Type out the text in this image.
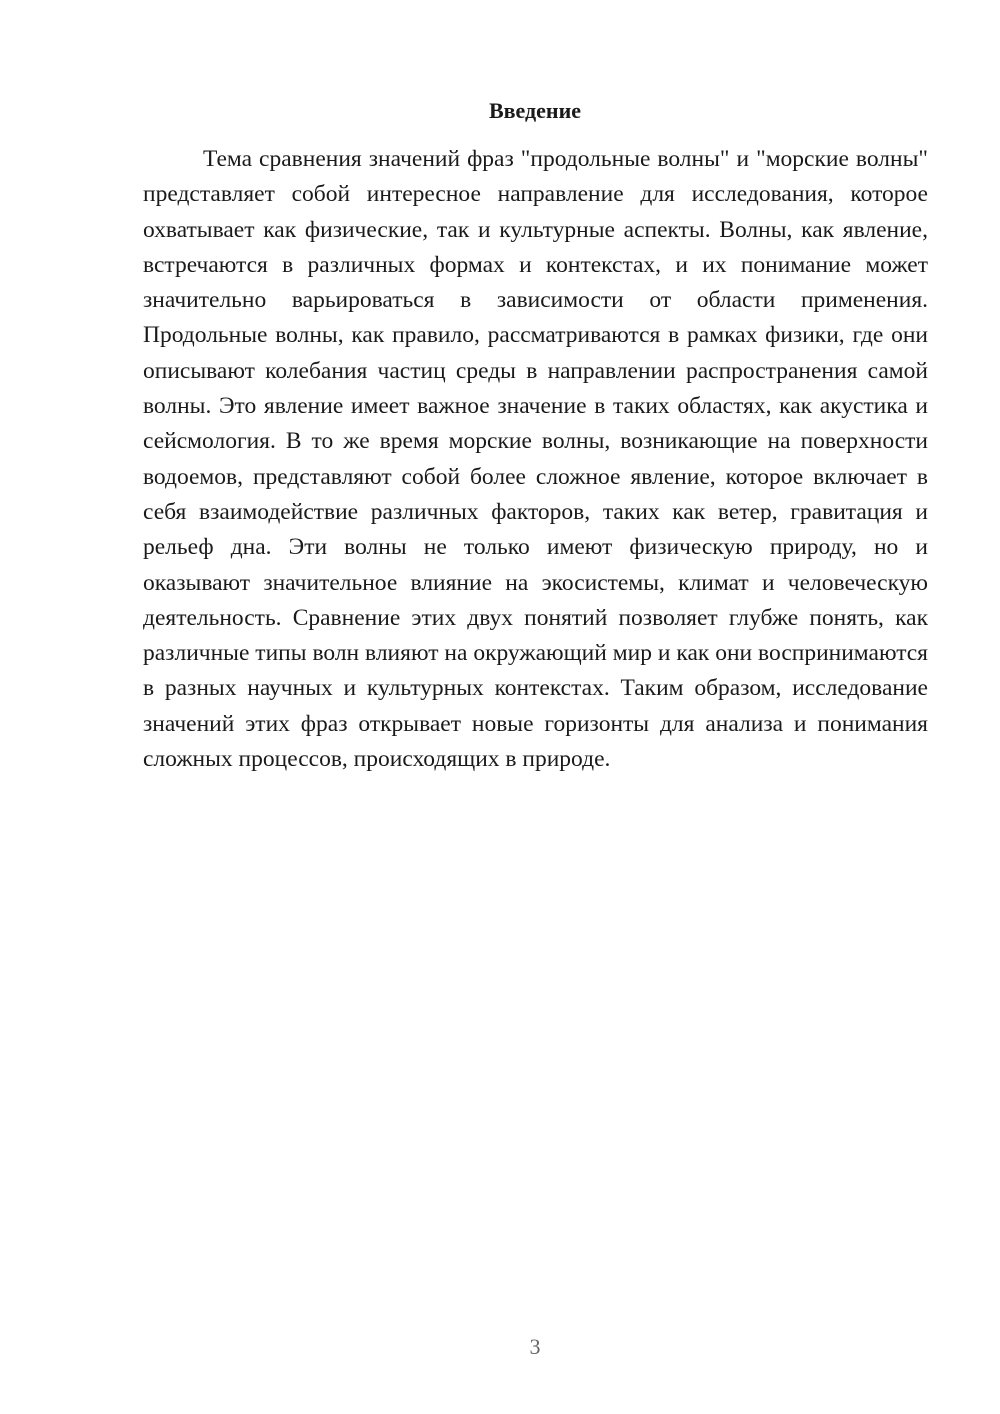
Введение

Тема сравнения значений фраз "продольные волны" и "морские волны" представляет собой интересное направление для исследования, которое охватывает как физические, так и культурные аспекты. Волны, как явление, встречаются в различных формах и контекстах, и их понимание может значительно варьироваться в зависимости от области применения. Продольные волны, как правило, рассматриваются в рамках физики, где они описывают колебания частиц среды в направлении распространения самой волны. Это явление имеет важное значение в таких областях, как акустика и сейсмология. В то же время морские волны, возникающие на поверхности водоемов, представляют собой более сложное явление, которое включает в себя взаимодействие различных факторов, таких как ветер, гравитация и рельеф дна. Эти волны не только имеют физическую природу, но и оказывают значительное влияние на экосистемы, климат и человеческую деятельность. Сравнение этих двух понятий позволяет глубже понять, как различные типы волн влияют на окружающий мир и как они воспринимаются в разных научных и культурных контекстах. Таким образом, исследование значений этих фраз открывает новые горизонты для анализа и понимания сложных процессов, происходящих в природе.

3
